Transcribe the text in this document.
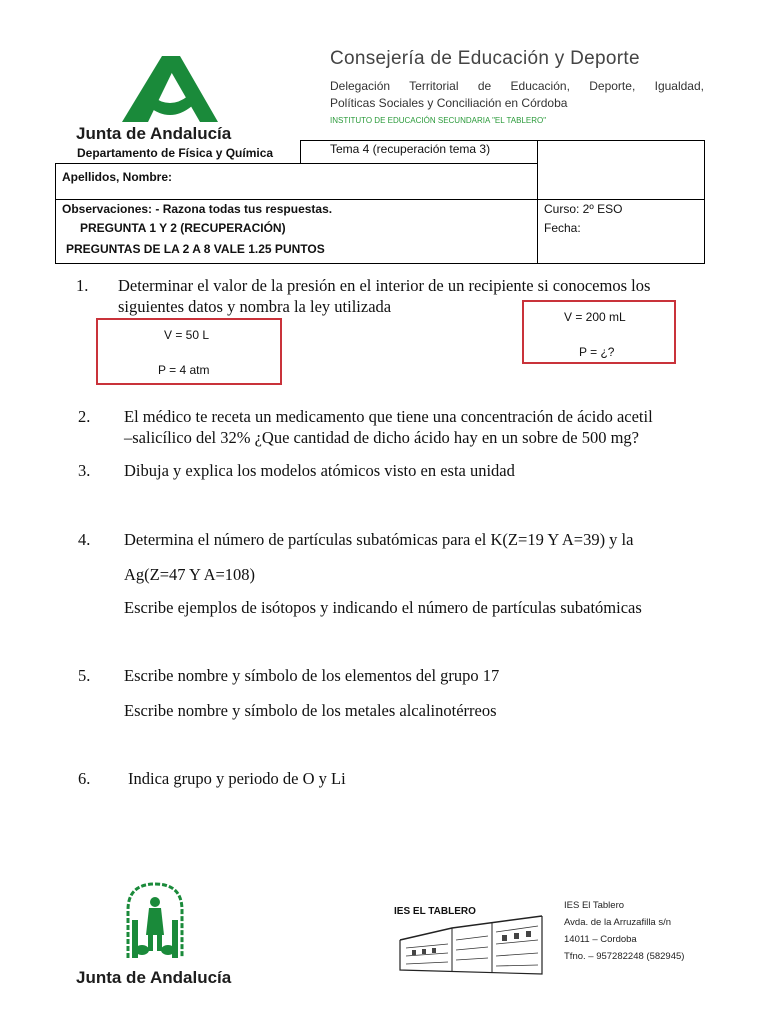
Junta de Andalucía
Consejería de Educación y Deporte
Delegación Territorial de Educación, Deporte, Igualdad,
Políticas Sociales y Conciliación en Córdoba
INSTITUTO DE EDUCACIÓN SECUNDARIA "EL TABLERO"
Departamento de Física y Química	Tema 4 (recuperación tema 3)
Apellidos, Nombre:
Observaciones: - Razona todas tus respuestas.
PREGUNTA 1 Y 2 (RECUPERACIÓN)
PREGUNTAS DE LA 2 A 8 VALE 1.25 PUNTOS
Curso: 2º ESO
Fecha:
1. Determinar el valor de la presión en el interior de un recipiente si conocemos los
siguientes datos y nombra la ley utilizada
V = 50 L
P = 4 atm
V = 200 mL
P = ¿?
2. El médico te receta un medicamento que tiene una concentración de ácido acetil
–salicílico del 32% ¿Que cantidad de dicho ácido hay en un sobre de 500 mg?
3. Dibuja y explica los modelos atómicos visto en esta unidad
4. Determina el número de partículas subatómicas para el K(Z=19 Y A=39) y la
Ag(Z=47 Y A=108)
Escribe ejemplos de isótopos y indicando el número de partículas subatómicas
5. Escribe nombre y símbolo de los elementos del grupo 17
Escribe nombre y símbolo de los metales alcalinotérreos
6. Indica grupo y periodo de O y Li
Junta de Andalucía
IES EL TABLERO
IES El Tablero
Avda. de la Arruzafilla s/n
14011 – Cordoba
Tfno. – 957282248 (582945)
